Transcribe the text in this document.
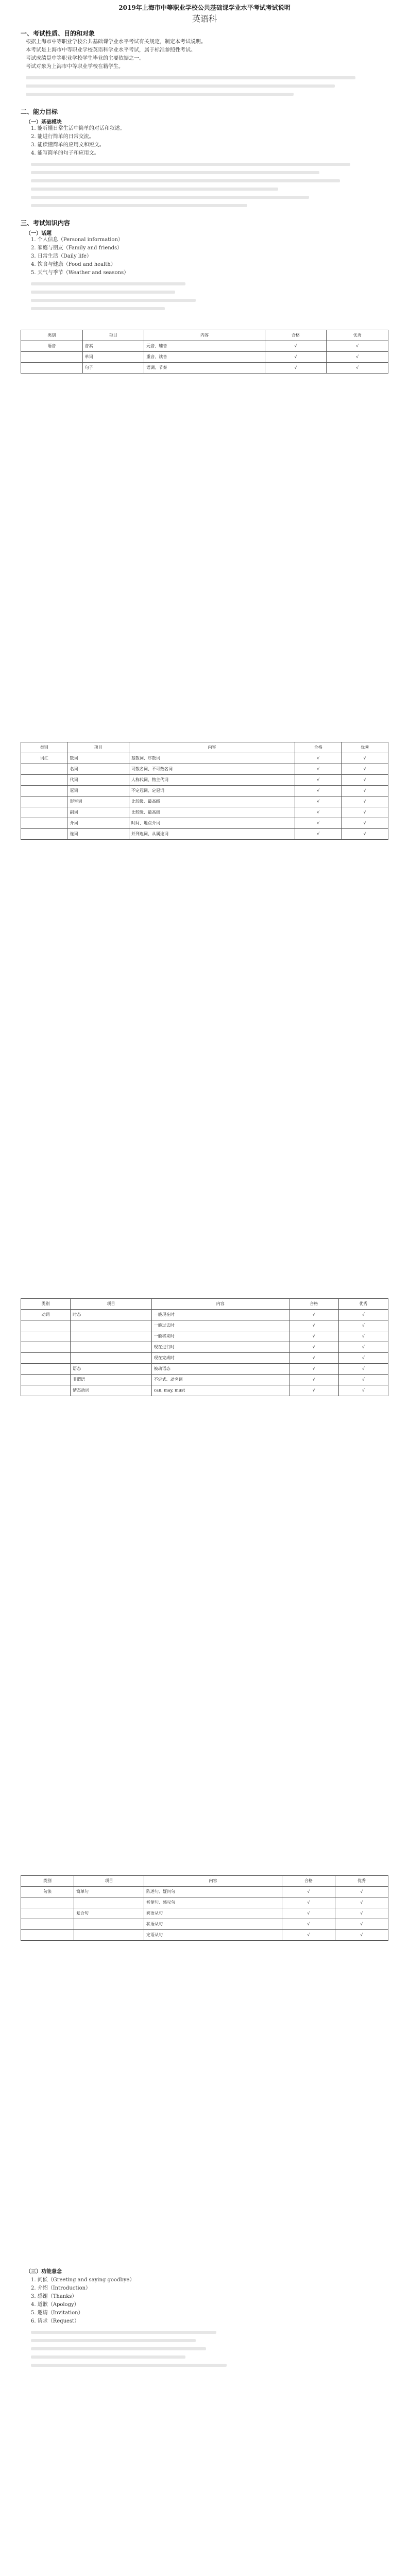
2019年上海市中等职业学校公共基础课学业水平考试考试说明
英语科
一、考试性质、目的和对象
根据上海市中等职业学校公共基础课学业水平考试有关规定，制定本考试说明。
本考试是上海市中等职业学校英语科学业水平考试，属于标准参照性考试。
考试成绩是中等职业学校学生毕业的主要依据之一。
考试对象为上海市中等职业学校在籍学生。
二、能力目标
（一）基础模块
1. 能听懂日常生活中简单的对话和叙述。
2. 能进行简单的日常交流。
3. 能读懂简单的应用文和短文。
4. 能写简单的句子和应用文。
三、考试知识内容
（一）话题
1. 个人信息（Personal information）
2. 家庭与朋友（Family and friends）
3. 日常生活（Daily life）
4. 饮食与健康（Food and health）
5. 天气与季节（Weather and seasons）
类别	项目	内容	合格	优秀
语音	音素	元音、辅音	√	√
	单词	重音、读音	√	√
	句子	语调、节奏	√	√
类别	项目	内容	合格	优秀
词汇	数词	基数词、序数词	√	√
	名词	可数名词、不可数名词	√	√
	代词	人称代词、物主代词	√	√
	冠词	不定冠词、定冠词	√	√
	形容词	比较级、最高级	√	√
	副词	比较级、最高级	√	√
	介词	时间、地点介词	√	√
	连词	并列连词、从属连词	√	√
类别	项目	内容	合格	优秀
动词	时态	一般现在时	√	√
		一般过去时	√	√
		一般将来时	√	√
		现在进行时	√	√
		现在完成时	√	√
	语态	被动语态	√	√
	非谓语	不定式、动名词	√	√
	情态动词	can, may, must	√	√
类别	项目	内容	合格	优秀
句法	简单句	陈述句、疑问句	√	√
		祈使句、感叹句	√	√
	复合句	宾语从句	√	√
		状语从句	√	√
		定语从句	√	√
（三）功能意念
1. 问候（Greeting and saying goodbye）
2. 介绍（Introduction）
3. 感谢（Thanks）
4. 道歉（Apology）
5. 邀请（Invitation）
6. 请求（Request）
